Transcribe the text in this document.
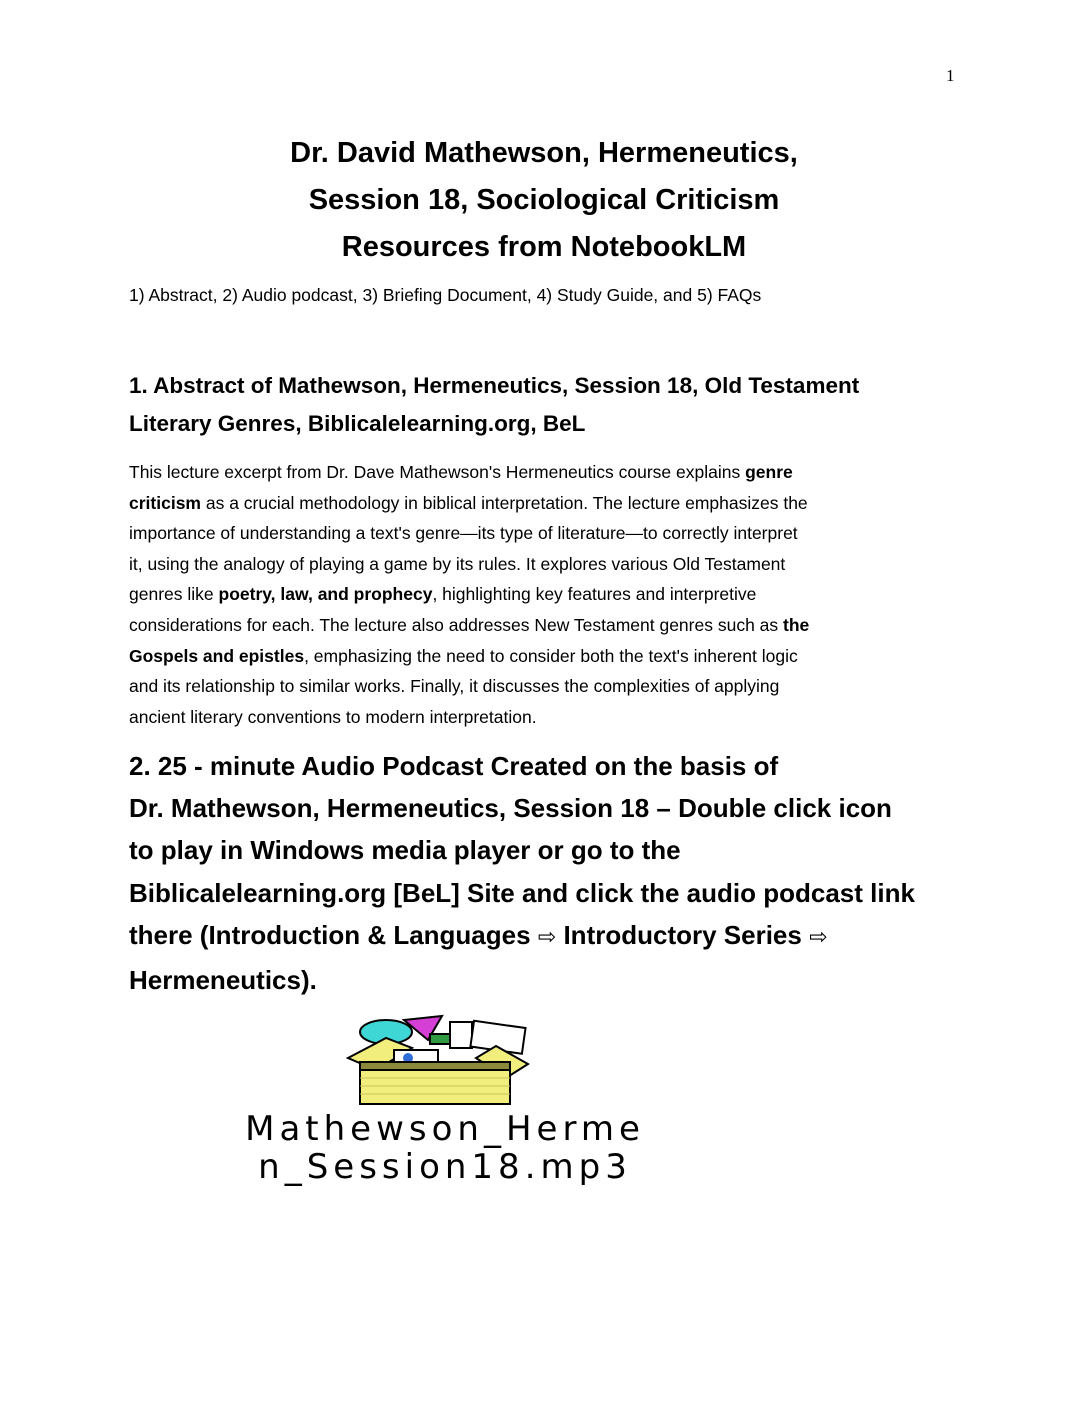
1
Dr. David Mathewson, Hermeneutics,
Session 18, Sociological Criticism
Resources from NotebookLM
1) Abstract, 2) Audio podcast, 3) Briefing Document, 4) Study Guide, and 5) FAQs
1. Abstract of Mathewson, Hermeneutics, Session 18, Old Testament
Literary Genres, Biblicalelearning.org, BeL
This lecture excerpt from Dr. Dave Mathewson's Hermeneutics course explains genre
criticism as a crucial methodology in biblical interpretation. The lecture emphasizes the
importance of understanding a text's genre—its type of literature—to correctly interpret
it, using the analogy of playing a game by its rules. It explores various Old Testament
genres like poetry, law, and prophecy, highlighting key features and interpretive
considerations for each. The lecture also addresses New Testament genres such as the
Gospels and epistles, emphasizing the need to consider both the text's inherent logic
and its relationship to similar works. Finally, it discusses the complexities of applying
ancient literary conventions to modern interpretation.
2. 25 - minute Audio Podcast Created on the basis of
Dr. Mathewson, Hermeneutics, Session 18 – Double click icon
to play in Windows media player or go to the
Biblicalelearning.org [BeL] Site and click the audio podcast link
there (Introduction & Languages ⇨ Introductory Series ⇨
Hermeneutics).
Mathewson_Herme
n_Session18.mp3
